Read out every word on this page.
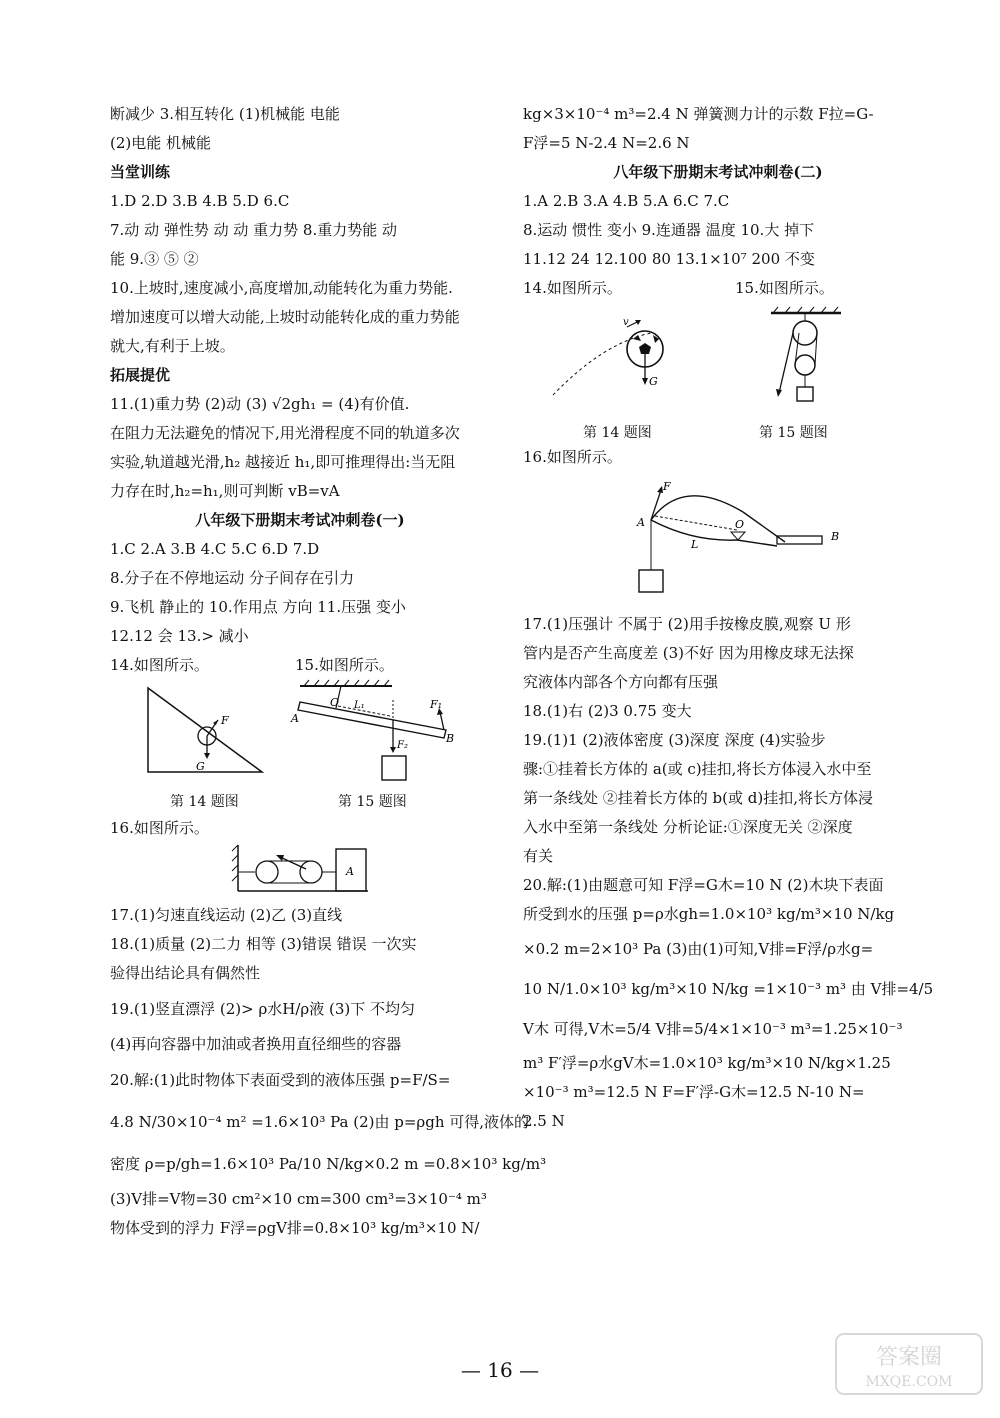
断减少 3.相互转化 (1)机械能 电能
(2)电能 机械能
当堂训练
1.D 2.D 3.B 4.B 5.D 6.C
7.动 动 弹性势 动 动 重力势 8.重力势能 动
能 9.③ ⑤ ②
10.上坡时,速度减小,高度增加,动能转化为重力势能.
增加速度可以增大动能,上坡时动能转化成的重力势能
就大,有利于上坡。
拓展提优
11.(1)重力势 (2)动 (3) √2gh₁ = (4)有价值.
在阻力无法避免的情况下,用光滑程度不同的轨道多次
实验,轨道越光滑,h₂ 越接近 h₁,即可推理得出:当无阻
力存在时,h₂=h₁,则可判断 vB=vA
八年级下册期末考试冲刺卷(一)
1.C 2.A 3.B 4.C 5.C 6.D 7.D
8.分子在不停地运动 分子间存在引力
9.飞机 静止的 10.作用点 方向 11.压强 变小
12.12 会 13.> 减小
14.如图所示。	15.如图所示。
F
G
O L₁
A
B
F₁
F₂
第 14 题图	第 15 题图
16.如图所示。
A
17.(1)匀速直线运动 (2)乙 (3)直线
18.(1)质量 (2)二力 相等 (3)错误 错误 一次实
验得出结论具有偶然性
19.(1)竖直漂浮 (2)> ρ水H/ρ液 (3)下 不均匀
(4)再向容器中加油或者换用直径细些的容器
20.解:(1)此时物体下表面受到的液体压强 p=F/S=
4.8 N/30×10⁻⁴ m² =1.6×10³ Pa (2)由 p=ρgh 可得,液体的
密度 ρ=p/gh=1.6×10³ Pa/10 N/kg×0.2 m =0.8×10³ kg/m³
(3)V排=V物=30 cm²×10 cm=300 cm³=3×10⁻⁴ m³
物体受到的浮力 F浮=ρgV排=0.8×10³ kg/m³×10 N/
kg×3×10⁻⁴ m³=2.4 N 弹簧测力计的示数 F拉=G-
F浮=5 N-2.4 N=2.6 N
八年级下册期末考试冲刺卷(二)
1.A 2.B 3.A 4.B 5.A 6.C 7.C
8.运动 惯性 变小 9.连通器 温度 10.大 掉下
11.12 24 12.100 80 13.1×10⁷ 200 不变
14.如图所示。	15.如图所示。
v
G
第 14 题图	第 15 题图
16.如图所示。
B
O
F
A
L
17.(1)压强计 不属于 (2)用手按橡皮膜,观察 U 形
管内是否产生高度差 (3)不好 因为用橡皮球无法探
究液体内部各个方向都有压强
18.(1)右 (2)3 0.75 变大
19.(1)1 (2)液体密度 (3)深度 深度 (4)实验步
骤:①挂着长方体的 a(或 c)挂扣,将长方体浸入水中至
第一条线处 ②挂着长方体的 b(或 d)挂扣,将长方体浸
入水中至第一条线处 分析论证:①深度无关 ②深度
有关
20.解:(1)由题意可知 F浮=G木=10 N (2)木块下表面
所受到水的压强 p=ρ水gh=1.0×10³ kg/m³×10 N/kg
×0.2 m=2×10³ Pa (3)由(1)可知,V排=F浮/ρ水g=
10 N/1.0×10³ kg/m³×10 N/kg =1×10⁻³ m³ 由 V排=4/5
V木 可得,V木=5/4 V排=5/4×1×10⁻³ m³=1.25×10⁻³
m³ F′浮=ρ水gV木=1.0×10³ kg/m³×10 N/kg×1.25
×10⁻³ m³=12.5 N F=F′浮-G木=12.5 N-10 N=
2.5 N
— 16 —	答案圈
MXQE.COM
